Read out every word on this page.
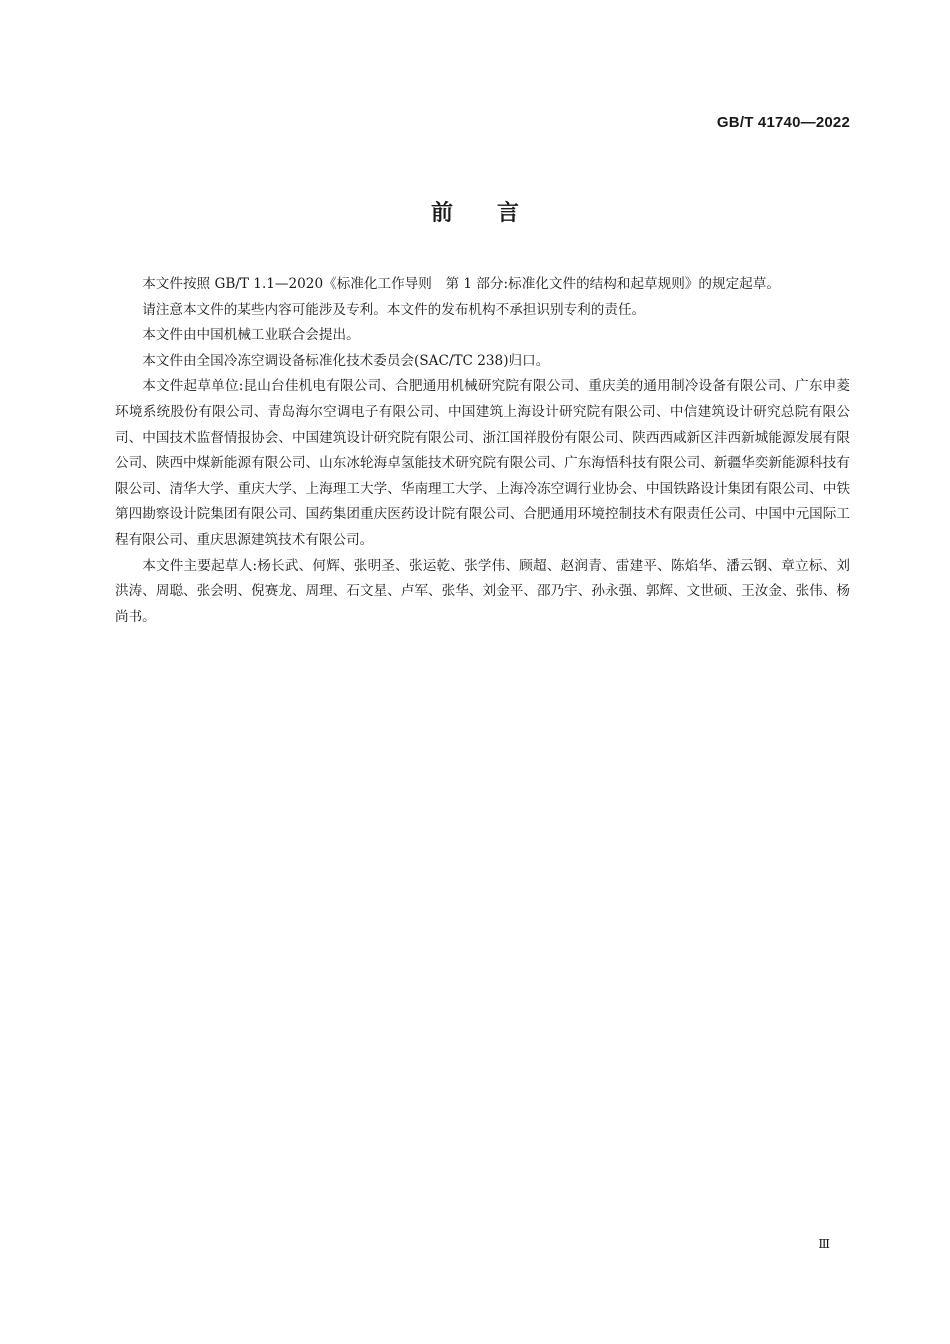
GB/T 41740—2022
前言

本文件按照 GB/T 1.1—2020《标准化工作导则　第 1 部分:标准化文件的结构和起草规则》的规定起草。

请注意本文件的某些内容可能涉及专利。本文件的发布机构不承担识别专利的责任。

本文件由中国机械工业联合会提出。

本文件由全国冷冻空调设备标准化技术委员会(SAC/TC 238)归口。

本文件起草单位:昆山台佳机电有限公司、合肥通用机械研究院有限公司、重庆美的通用制冷设备有限公司、广东申菱环境系统股份有限公司、青岛海尔空调电子有限公司、中国建筑上海设计研究院有限公司、中信建筑设计研究总院有限公司、中国技术监督情报协会、中国建筑设计研究院有限公司、浙江国祥股份有限公司、陕西西咸新区沣西新城能源发展有限公司、陕西中煤新能源有限公司、山东冰轮海卓氢能技术研究院有限公司、广东海悟科技有限公司、新疆华奕新能源科技有限公司、清华大学、重庆大学、上海理工大学、华南理工大学、上海冷冻空调行业协会、中国铁路设计集团有限公司、中铁第四勘察设计院集团有限公司、国药集团重庆医药设计院有限公司、合肥通用环境控制技术有限责任公司、中国中元国际工程有限公司、重庆思源建筑技术有限公司。

本文件主要起草人:杨长武、何辉、张明圣、张运乾、张学伟、顾超、赵润青、雷建平、陈焰华、潘云钢、章立标、刘洪涛、周聪、张会明、倪赛龙、周理、石文星、卢军、张华、刘金平、邵乃宇、孙永强、郭辉、文世硕、王汝金、张伟、杨尚书。

Ⅲ
